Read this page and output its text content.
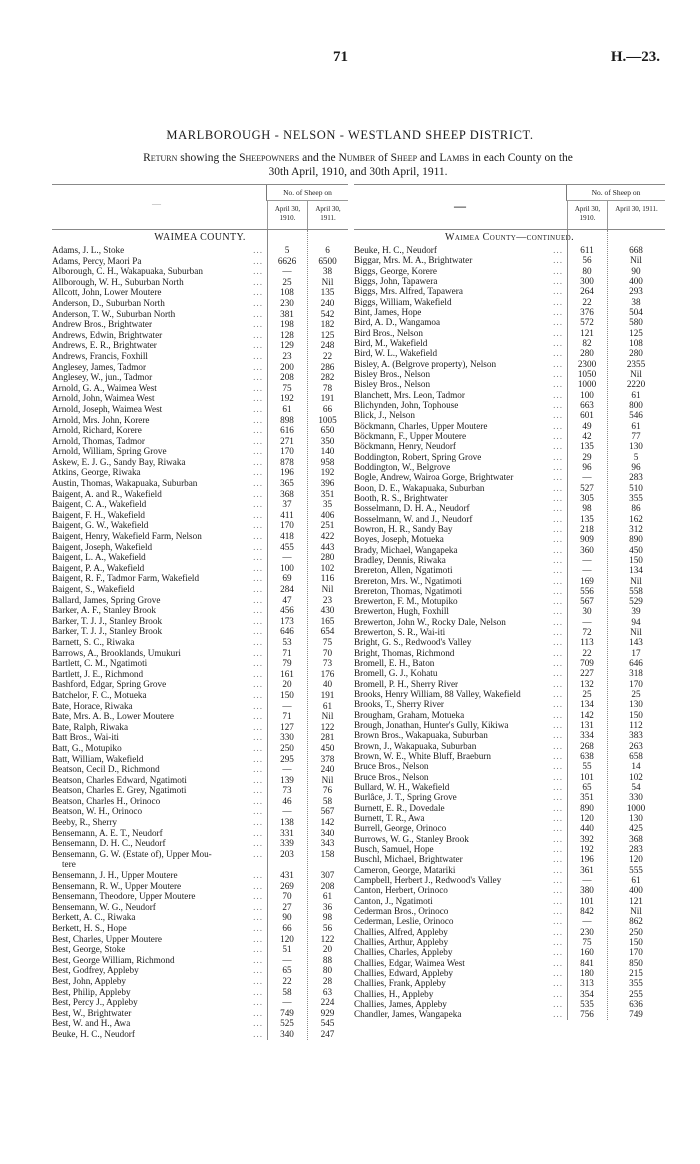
71	H.—23.
MARLBOROUGH - NELSON - WESTLAND SHEEP DISTRICT.
Return showing the Sheepowners and the Number of Sheep and Lambs in each County on the
30th April, 1910, and 30th April, 1911.
—
No. of Sheep on
April 30, 1910.
April 30, 1911.
WAIMEA COUNTY.
Adams, J. L., Stoke ...	5	6
Adams, Percy, Maori Pa ...	6626	6500
Alborough, C. H., Wakapuaka, Suburban ...	—	38
Allborough, W. H., Suburban North ...	25	Nil
Allcott, John, Lower Moutere ...	108	135
Anderson, D., Suburban North ...	230	240
Anderson, T. W., Suburban North ...	381	542
Andrew Bros., Brightwater ...	198	182
Andrews, Edwin, Brightwater ...	128	125
Andrews, E. R., Brightwater ...	129	248
Andrews, Francis, Foxhill ...	23	22
Anglesey, James, Tadmor ...	200	286
Anglesey, W., jun., Tadmor ...	208	282
Arnold, G. A., Waimea West ...	75	78
Arnold, John, Waimea West ...	192	191
Arnold, Joseph, Waimea West ...	61	66
Arnold, Mrs. John, Korere ...	898	1005
Arnold, Richard, Korere ...	616	650
Arnold, Thomas, Tadmor ...	271	350
Arnold, William, Spring Grove ...	170	140
Askew, E. J. G., Sandy Bay, Riwaka ...	878	958
Atkins, George, Riwaka ...	196	192
Austin, Thomas, Wakapuaka, Suburban ...	365	396
Baigent, A. and R., Wakefield ...	368	351
Baigent, C. A., Wakefield ...	37	35
Baigent, F. H., Wakefield ...	411	406
Baigent, G. W., Wakefield ...	170	251
Baigent, Henry, Wakefield Farm, Nelson ...	418	422
Baigent, Joseph, Wakefield ...	455	443
Baigent, L. A., Wakefield ...	—	280
Baigent, P. A., Wakefield ...	100	102
Baigent, R. F., Tadmor Farm, Wakefield ...	69	116
Baigent, S., Wakefield ...	284	Nil
Ballard, James, Spring Grove ...	47	23
Barker, A. F., Stanley Brook ...	456	430
Barker, T. J. J., Stanley Brook ...	173	165
Barker, T. J. J., Stanley Brook ...	646	654
Barnett, S. C., Riwaka ...	53	75
Barrows, A., Brooklands, Umukuri ...	71	70
Bartlett, C. M., Ngatimoti ...	79	73
Bartlett, J. E., Richmond ...	161	176
Bashford, Edgar, Spring Grove ...	20	40
Batchelor, F. C., Motueka ...	150	191
Bate, Horace, Riwaka ...	—	61
Bate, Mrs. A. B., Lower Moutere ...	71	Nil
Bate, Ralph, Riwaka ...	127	122
Batt Bros., Wai-iti ...	330	281
Batt, G., Motupiko ...	250	450
Batt, William, Wakefield ...	295	378
Beatson, Cecil D., Richmond ...	—	240
Beatson, Charles Edward, Ngatimoti ...	139	Nil
Beatson, Charles E. Grey, Ngatimoti ...	73	76
Beatson, Charles H., Orinoco ...	46	58
Beatson, W. H., Orinoco ...	—	567
Beeby, R., Sherry ...	138	142
Bensemann, A. E. T., Neudorf ...	331	340
Bensemann, D. H. C., Neudorf ...	339	343
Bensemann, G. W. (Estate of), Upper Mou- ...	203	158
tere
Bensemann, J. H., Upper Moutere ...	431	307
Bensemann, R. W., Upper Moutere ...	269	208
Bensemann, Theodore, Upper Moutere ...	70	61
Bensemann, W. G., Neudorf ...	27	36
Berkett, A. C., Riwaka ...	90	98
Berkett, H. S., Hope ...	66	56
Best, Charles, Upper Moutere ...	120	122
Best, George, Stoke ...	51	20
Best, George William, Richmond ...	—	88
Best, Godfrey, Appleby ...	65	80
Best, John, Appleby ...	22	28
Best, Philip, Appleby ...	58	63
Best, Percy J., Appleby ...	—	224
Best, W., Brightwater ...	749	929
Best, W. and H., Awa ...	525	545
Beuke, H. C., Neudorf ...	340	247
—
No. of Sheep on
April 30, 1910.
April 30, 1911.
Waimea County—continued.
Beuke, H. C., Neudorf ...	611	668
Biggar, Mrs. M. A., Brightwater ...	56	Nil
Biggs, George, Korere ...	80	90
Biggs, John, Tapawera ...	300	400
Biggs, Mrs. Alfred, Tapawera ...	264	293
Biggs, William, Wakefield ...	22	38
Bint, James, Hope ...	376	504
Bird, A. D., Wangamoa ...	572	580
Bird Bros., Nelson ...	121	125
Bird, M., Wakefield ...	82	108
Bird, W. L., Wakefield ...	280	280
Bisley, A. (Belgrove property), Nelson ...	2300	2355
Bisley Bros., Nelson ...	1050	Nil
Bisley Bros., Nelson ...	1000	2220
Blanchett, Mrs. Leon, Tadmor ...	100	61
Blichynden, John, Tophouse ...	663	800
Blick, J., Nelson ...	601	546
Böckmann, Charles, Upper Moutere ...	49	61
Böckmann, F., Upper Moutere ...	42	77
Böckmann, Henry, Neudorf ...	135	130
Boddington, Robert, Spring Grove ...	29	5
Boddington, W., Belgrove ...	96	96
Bogle, Andrew, Wairoa Gorge, Brightwater ...	—	283
Boon, D. E., Wakapuaka, Suburban ...	527	510
Booth, R. S., Brightwater ...	305	355
Bosselmann, D. H. A., Neudorf ...	98	86
Bosselmann, W. and J., Neudorf ...	135	162
Bowron, H. R., Sandy Bay ...	218	312
Boyes, Joseph, Motueka ...	909	890
Brady, Michael, Wangapeka ...	360	450
Bradley, Dennis, Riwaka ...	—	150
Brereton, Allen, Ngatimoti ...	—	134
Brereton, Mrs. W., Ngatimoti ...	169	Nil
Brereton, Thomas, Ngatimoti ...	556	558
Brewerton, F. M., Motupiko ...	567	529
Brewerton, Hugh, Foxhill ...	30	39
Brewerton, John W., Rocky Dale, Nelson ...	—	94
Brewerton, S. R., Wai-iti ...	72	Nil
Bright, G. S., Redwood's Valley ...	113	143
Bright, Thomas, Richmond ...	22	17
Bromell, E. H., Baton ...	709	646
Bromell, G. J., Kohatu ...	227	318
Bromell, P. H., Sherry River ...	132	170
Brooks, Henry William, 88 Valley, Wakefield ...	25	25
Brooks, T., Sherry River ...	134	130
Brougham, Graham, Motueka ...	142	150
Brough, Jonathan, Hunter's Gully, Kikiwa ...	131	112
Brown Bros., Wakapuaka, Suburban ...	334	383
Brown, J., Wakapuaka, Suburban ...	268	263
Brown, W. E., White Bluff, Braeburn ...	638	658
Bruce Bros., Nelson ...	55	14
Bruce Bros., Nelson ...	101	102
Bullard, W. H., Wakefield ...	65	54
Burlâce, J. T., Spring Grove ...	351	330
Burnett, E. R., Dovedale ...	890	1000
Burnett, T. R., Awa ...	120	130
Burrell, George, Orinoco ...	440	425
Burrows, W. G., Stanley Brook ...	392	368
Busch, Samuel, Hope ...	192	283
Buschl, Michael, Brightwater ...	196	120
Cameron, George, Matariki ...	361	555
Campbell, Herbert J., Redwood's Valley ...	—	61
Canton, Herbert, Orinoco ...	380	400
Canton, J., Ngatimoti ...	101	121
Cederman Bros., Orinoco ...	842	Nil
Cederman, Leslie, Orinoco ...	—	862
Challies, Alfred, Appleby ...	230	250
Challies, Arthur, Appleby ...	75	150
Challies, Charles, Appleby ...	160	170
Challies, Edgar, Waimea West ...	841	850
Challies, Edward, Appleby ...	180	215
Challies, Frank, Appleby ...	313	355
Challies, H., Appleby ...	354	255
Challies, James, Appleby ...	535	636
Chandler, James, Wangapeka ...	756	749
